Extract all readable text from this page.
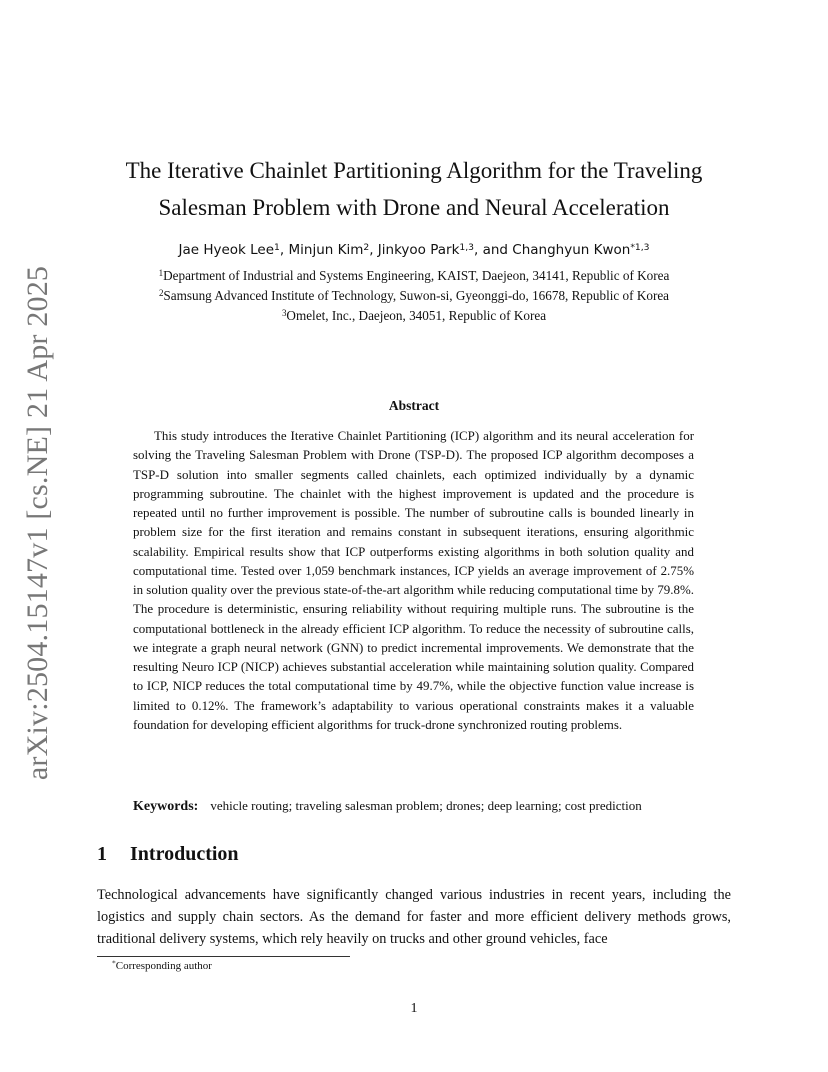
arXiv:2504.15147v1 [cs.NE] 21 Apr 2025
The Iterative Chainlet Partitioning Algorithm for the Traveling
Salesman Problem with Drone and Neural Acceleration
Jae Hyeok Lee$^1$, Minjun Kim$^2$, Jinkyoo Park$^{1,3}$, and Changhyun Kwon$^{*1,3}$
$^1$Department of Industrial and Systems Engineering, KAIST, Daejeon, 34141, Republic of Korea
$^2$Samsung Advanced Institute of Technology, Suwon-si, Gyeonggi-do, 16678, Republic of Korea
$^3$Omelet, Inc., Daejeon, 34051, Republic of Korea
Abstract
This study introduces the Iterative Chainlet Partitioning (ICP) algorithm and its neural acceleration for solving the Traveling Salesman Problem with Drone (TSP-D). The proposed ICP algorithm decomposes a TSP-D solution into smaller segments called chainlets, each optimized individually by a dynamic programming subroutine. The chainlet with the highest improvement is updated and the procedure is repeated until no further improvement is possible. The number of subroutine calls is bounded linearly in problem size for the first iteration and remains constant in subsequent iterations, ensuring algorithmic scalability. Empirical results show that ICP outperforms existing algorithms in both solution quality and computational time. Tested over 1,059 benchmark instances, ICP yields an average improvement of 2.75% in solution quality over the previous state-of-the-art algorithm while reducing computational time by 79.8%. The procedure is deterministic, ensuring reliability without requiring multiple runs. The subroutine is the computational bottleneck in the already efficient ICP algorithm. To reduce the necessity of subroutine calls, we integrate a graph neural network (GNN) to predict incremental improvements. We demonstrate that the resulting Neuro ICP (NICP) achieves substantial acceleration while maintaining solution quality. Compared to ICP, NICP reduces the total computational time by 49.7%, while the objective function value increase is limited to 0.12%. The framework’s adaptability to various operational constraints makes it a valuable foundation for developing efficient algorithms for truck-drone synchronized routing problems.
Keywords: vehicle routing; traveling salesman problem; drones; deep learning; cost prediction
1 Introduction
Technological advancements have significantly changed various industries in recent years, including the logistics and supply chain sectors. As the demand for faster and more efficient delivery methods grows, traditional delivery systems, which rely heavily on trucks and other ground vehicles, face
*Corresponding author
1
